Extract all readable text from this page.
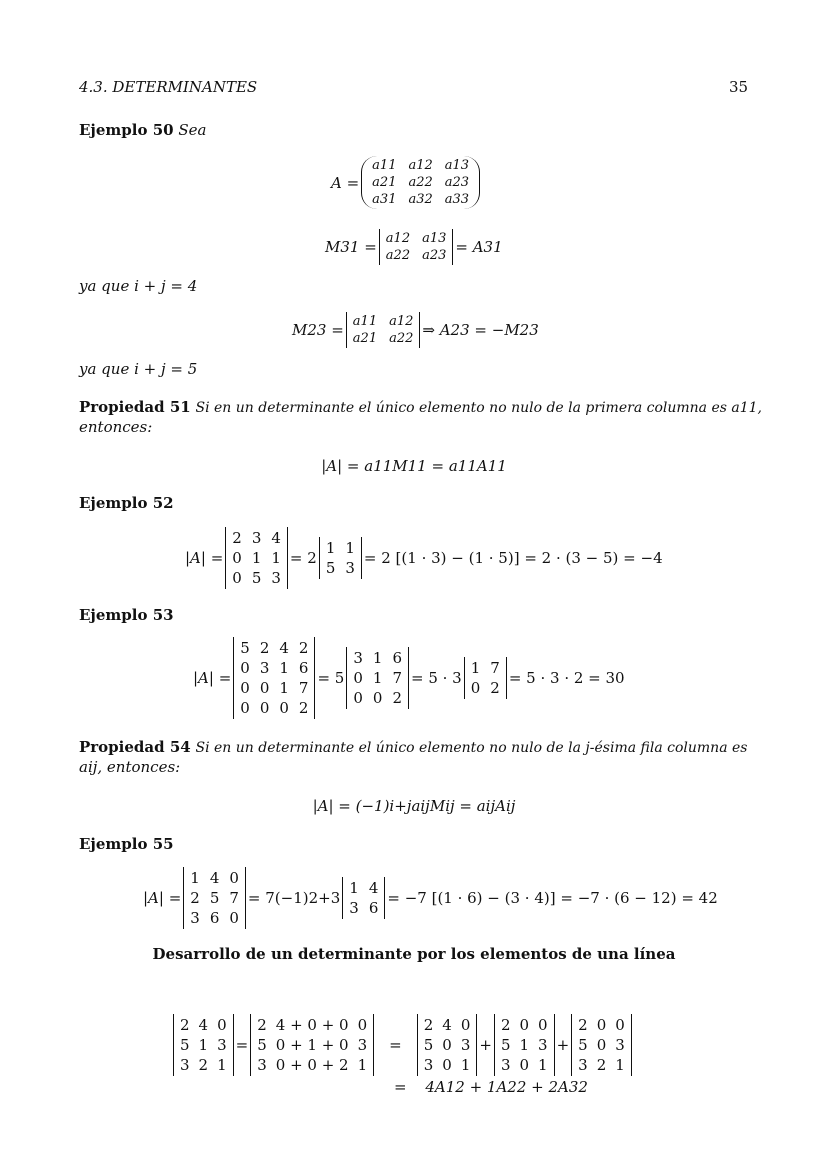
4.3. DETERMINANTES	35
Ejemplo 50 Sea
A =
a11 a12 a13
a21 a22 a23
a31 a32 a33
M31 = a12 a13
a22 a23 = A31
ya que i + j = 4
M23 = a11 a12
a21 a22 ⇒ A23 = −M23
ya que i + j = 5
Propiedad 51 Si en un determinante el único elemento no nulo de la primera columna es a11,
entonces:
|A| = a11M11 = a11A11
Ejemplo 52
|A| =
2 3 4
0 1 1
0 5 3
= 2
1 1
5 3
= 2 [(1 · 3) − (1 · 5)] = 2 · (3 − 5) = −4
Ejemplo 53
|A| =
5 2 4 2
0 3 1 6
0 0 1 7
0 0 0 2
= 5
3 1 6
0 1 7
0 0 2
= 5 · 3
1 7
0 2
= 5 · 3 · 2 = 30
Propiedad 54 Si en un determinante el único elemento no nulo de la j-ésima fila columna es
aij, entonces:
|A| = (−1)i+jaijMij = aijAij
Ejemplo 55
|A| =
1 4 0
2 5 7
3 6 0
= 7(−1)2+3
1 4
3 6
= −7 [(1 · 6) − (3 · 4)] = −7 · (6 − 12) = 42
Desarrollo de un determinante por los elementos de una línea
2 4 0
5 1 3
3 2 1
=
2 4 + 0 + 0 0
5 0 + 1 + 0 3
3 0 + 0 + 2 1
=
2 4 0
5 0 3
3 0 1
+
2 0 0
5 1 3
3 0 1
+
2 0 0
5 0 3
3 2 1
= 4A12 + 1A22 + 2A32
